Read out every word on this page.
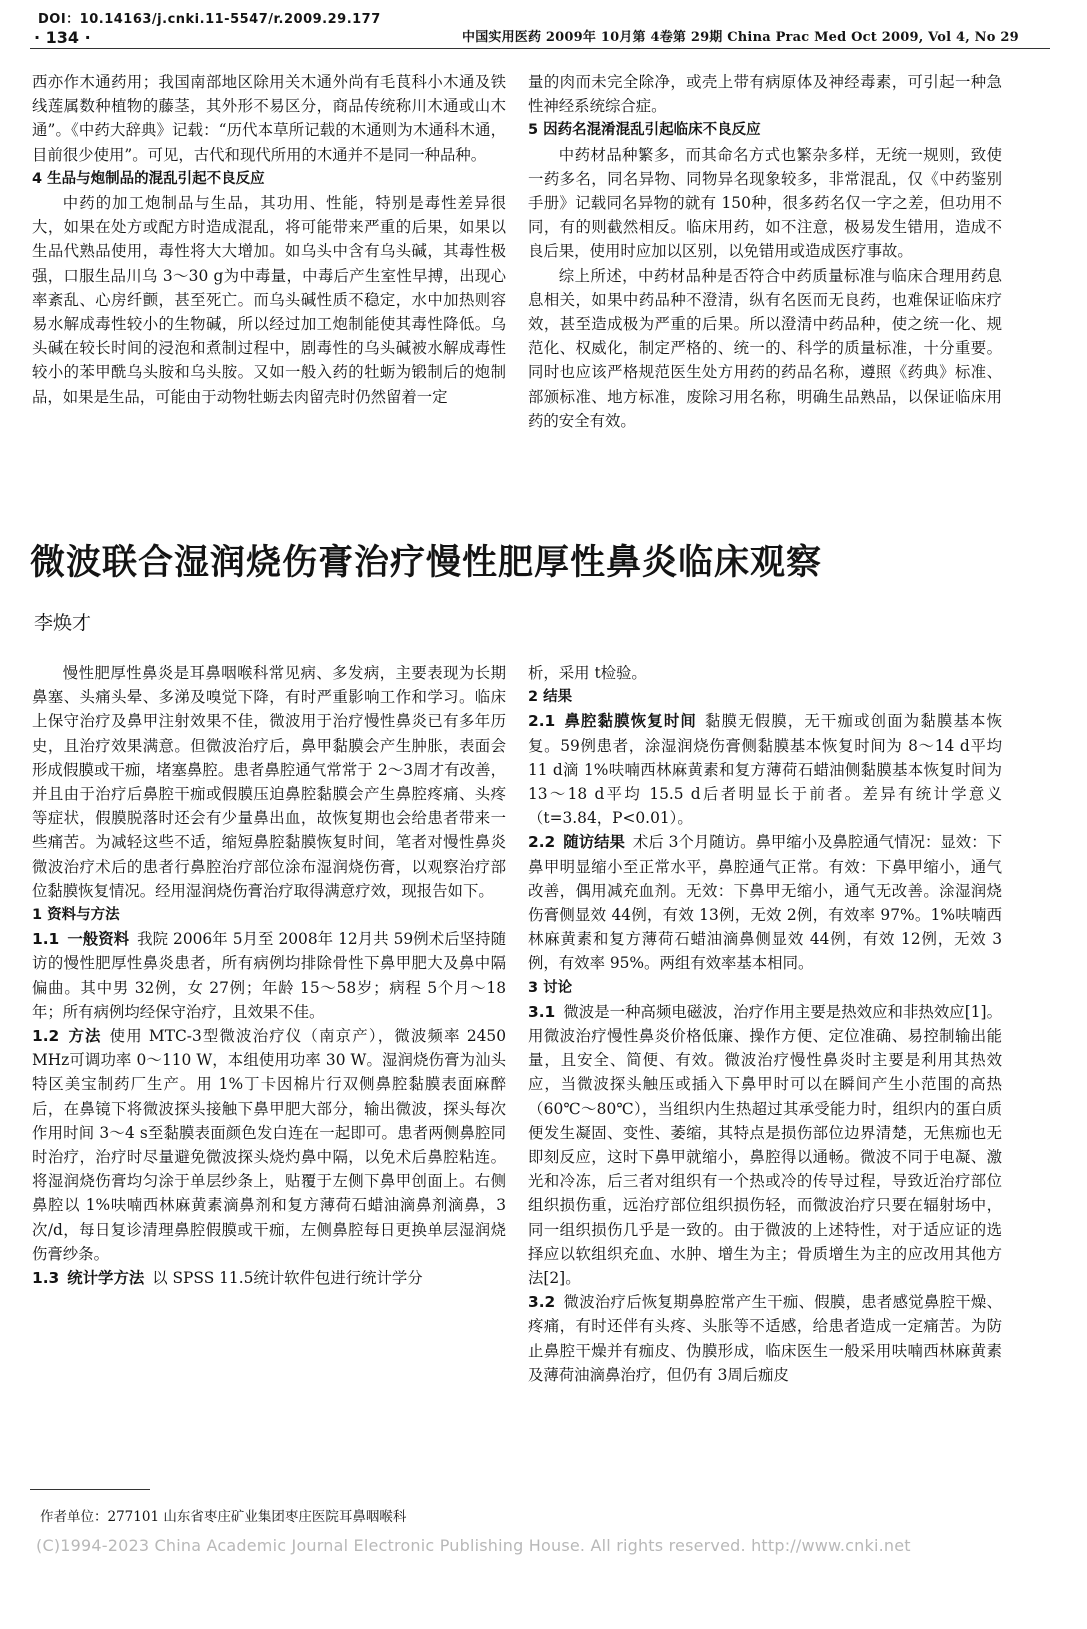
DOI：10.14163/j.cnki.11-5547/r.2009.29.177
· 134 ·	中国实用医药 2009年 10月第 4卷第 29期 China Prac Med Oct 2009, Vol 4, No 29

西亦作木通药用；我国南部地区除用关木通外尚有毛茛科小木通及铁线莲属数种植物的藤茎，其外形不易区分，商品传统称川木通或山木通”。《中药大辞典》记载：“历代本草所记载的木通则为木通科木通，目前很少使用”。可见，古代和现代所用的木通并不是同一种品种。

4 生品与炮制品的混乱引起不良反应

中药的加工炮制品与生品，其功用、性能，特别是毒性差异很大，如果在处方或配方时造成混乱，将可能带来严重的后果，如果以生品代熟品使用，毒性将大大增加。如乌头中含有乌头碱，其毒性极强，口服生品川乌 3～30 g为中毒量，中毒后产生室性早搏，出现心率紊乱、心房纤颤，甚至死亡。而乌头碱性质不稳定，水中加热则容易水解成毒性较小的生物碱，所以经过加工炮制能使其毒性降低。乌头碱在较长时间的浸泡和煮制过程中，剧毒性的乌头碱被水解成毒性较小的苯甲酰乌头胺和乌头胺。又如一般入药的牡蛎为锻制后的炮制品，如果是生品，可能由于动物牡蛎去肉留壳时仍然留着一定

量的肉而未完全除净，或壳上带有病原体及神经毒素，可引起一种急性神经系统综合症。

5 因药名混淆混乱引起临床不良反应

中药材品种繁多，而其命名方式也繁杂多样，无统一规则，致使一药多名，同名异物、同物异名现象较多，非常混乱，仅《中药鉴别手册》记载同名异物的就有 150种，很多药名仅一字之差，但功用不同，有的则截然相反。临床用药，如不注意，极易发生错用，造成不良后果，使用时应加以区别，以免错用或造成医疗事故。

综上所述，中药材品种是否符合中药质量标准与临床合理用药息息相关，如果中药品种不澄清，纵有名医而无良药，也难保证临床疗效，甚至造成极为严重的后果。所以澄清中药品种，使之统一化、规范化、权威化，制定严格的、统一的、科学的质量标准，十分重要。同时也应该严格规范医生处方用药的药品名称，遵照《药典》标准、部颁标准、地方标准，废除习用名称，明确生品熟品，以保证临床用药的安全有效。

微波联合湿润烧伤膏治疗慢性肥厚性鼻炎临床观察
李焕才

慢性肥厚性鼻炎是耳鼻咽喉科常见病、多发病，主要表现为长期鼻塞、头痛头晕、多涕及嗅觉下降，有时严重影响工作和学习。临床上保守治疗及鼻甲注射效果不佳，微波用于治疗慢性鼻炎已有多年历史，且治疗效果满意。但微波治疗后，鼻甲黏膜会产生肿胀，表面会形成假膜或干痂，堵塞鼻腔。患者鼻腔通气常常于 2～3周才有改善，并且由于治疗后鼻腔干痂或假膜压迫鼻腔黏膜会产生鼻腔疼痛、头疼等症状，假膜脱落时还会有少量鼻出血，故恢复期也会给患者带来一些痛苦。为减轻这些不适，缩短鼻腔黏膜恢复时间，笔者对慢性鼻炎微波治疗术后的患者行鼻腔治疗部位涂布湿润烧伤膏，以观察治疗部位黏膜恢复情况。经用湿润烧伤膏治疗取得满意疗效，现报告如下。

1 资料与方法

1.1 一般资料 我院 2006年 5月至 2008年 12月共 59例术后坚持随访的慢性肥厚性鼻炎患者，所有病例均排除骨性下鼻甲肥大及鼻中隔偏曲。其中男 32例，女 27例；年龄 15～58岁；病程 5个月～18年；所有病例均经保守治疗，且效果不佳。

1.2 方法 使用 MTC-3型微波治疗仪（南京产），微波频率 2450 MHz可调功率 0～110 W，本组使用功率 30 W。湿润烧伤膏为汕头特区美宝制药厂生产。用 1%丁卡因棉片行双侧鼻腔黏膜表面麻醉后，在鼻镜下将微波探头接触下鼻甲肥大部分，输出微波，探头每次作用时间 3～4 s至黏膜表面颜色发白连在一起即可。患者两侧鼻腔同时治疗，治疗时尽量避免微波探头烧灼鼻中隔，以免术后鼻腔粘连。将湿润烧伤膏均匀涂于单层纱条上，贴覆于左侧下鼻甲创面上。右侧鼻腔以 1%呋喃西林麻黄素滴鼻剂和复方薄荷石蜡油滴鼻剂滴鼻，3次/d，每日复诊清理鼻腔假膜或干痂，左侧鼻腔每日更换单层湿润烧伤膏纱条。

1.3 统计学方法 以 SPSS 11.5统计软件包进行统计学分

析，采用 t检验。

2 结果

2.1 鼻腔黏膜恢复时间 黏膜无假膜，无干痂或创面为黏膜基本恢复。59例患者，涂湿润烧伤膏侧黏膜基本恢复时间为 8～14 d平均 11 d滴 1%呋喃西林麻黄素和复方薄荷石蜡油侧黏膜基本恢复时间为 13～18 d平均 15.5 d后者明显长于前者。差异有统计学意义（t=3.84，P<0.01）。

2.2 随访结果 术后 3个月随访。鼻甲缩小及鼻腔通气情况：显效：下鼻甲明显缩小至正常水平，鼻腔通气正常。有效：下鼻甲缩小，通气改善，偶用减充血剂。无效：下鼻甲无缩小，通气无改善。涂湿润烧伤膏侧显效 44例，有效 13例，无效 2例，有效率 97%。1%呋喃西林麻黄素和复方薄荷石蜡油滴鼻侧显效 44例，有效 12例，无效 3例，有效率 95%。两组有效率基本相同。

3 讨论

3.1 微波是一种高频电磁波，治疗作用主要是热效应和非热效应[1]。用微波治疗慢性鼻炎价格低廉、操作方便、定位准确、易控制输出能量，且安全、简便、有效。微波治疗慢性鼻炎时主要是利用其热效应，当微波探头触压或插入下鼻甲时可以在瞬间产生小范围的高热（60℃～80℃），当组织内生热超过其承受能力时，组织内的蛋白质便发生凝固、变性、萎缩，其特点是损伤部位边界清楚，无焦痂也无即刻反应，这时下鼻甲就缩小，鼻腔得以通畅。微波不同于电凝、激光和冷冻，后三者对组织有一个热或冷的传导过程，导致近治疗部位组织损伤重，远治疗部位组织损伤轻，而微波治疗只要在辐射场中，同一组织损伤几乎是一致的。由于微波的上述特性，对于适应证的选择应以软组织充血、水肿、增生为主；骨质增生为主的应改用其他方法[2]。

3.2 微波治疗后恢复期鼻腔常产生干痂、假膜，患者感觉鼻腔干燥、疼痛，有时还伴有头疼、头胀等不适感，给患者造成一定痛苦。为防止鼻腔干燥并有痂皮、伪膜形成，临床医生一般采用呋喃西林麻黄素及薄荷油滴鼻治疗，但仍有 3周后痂皮

作者单位：277101 山东省枣庄矿业集团枣庄医院耳鼻咽喉科
(C)1994-2023 China Academic Journal Electronic Publishing House. All rights reserved. http://www.cnki.net
